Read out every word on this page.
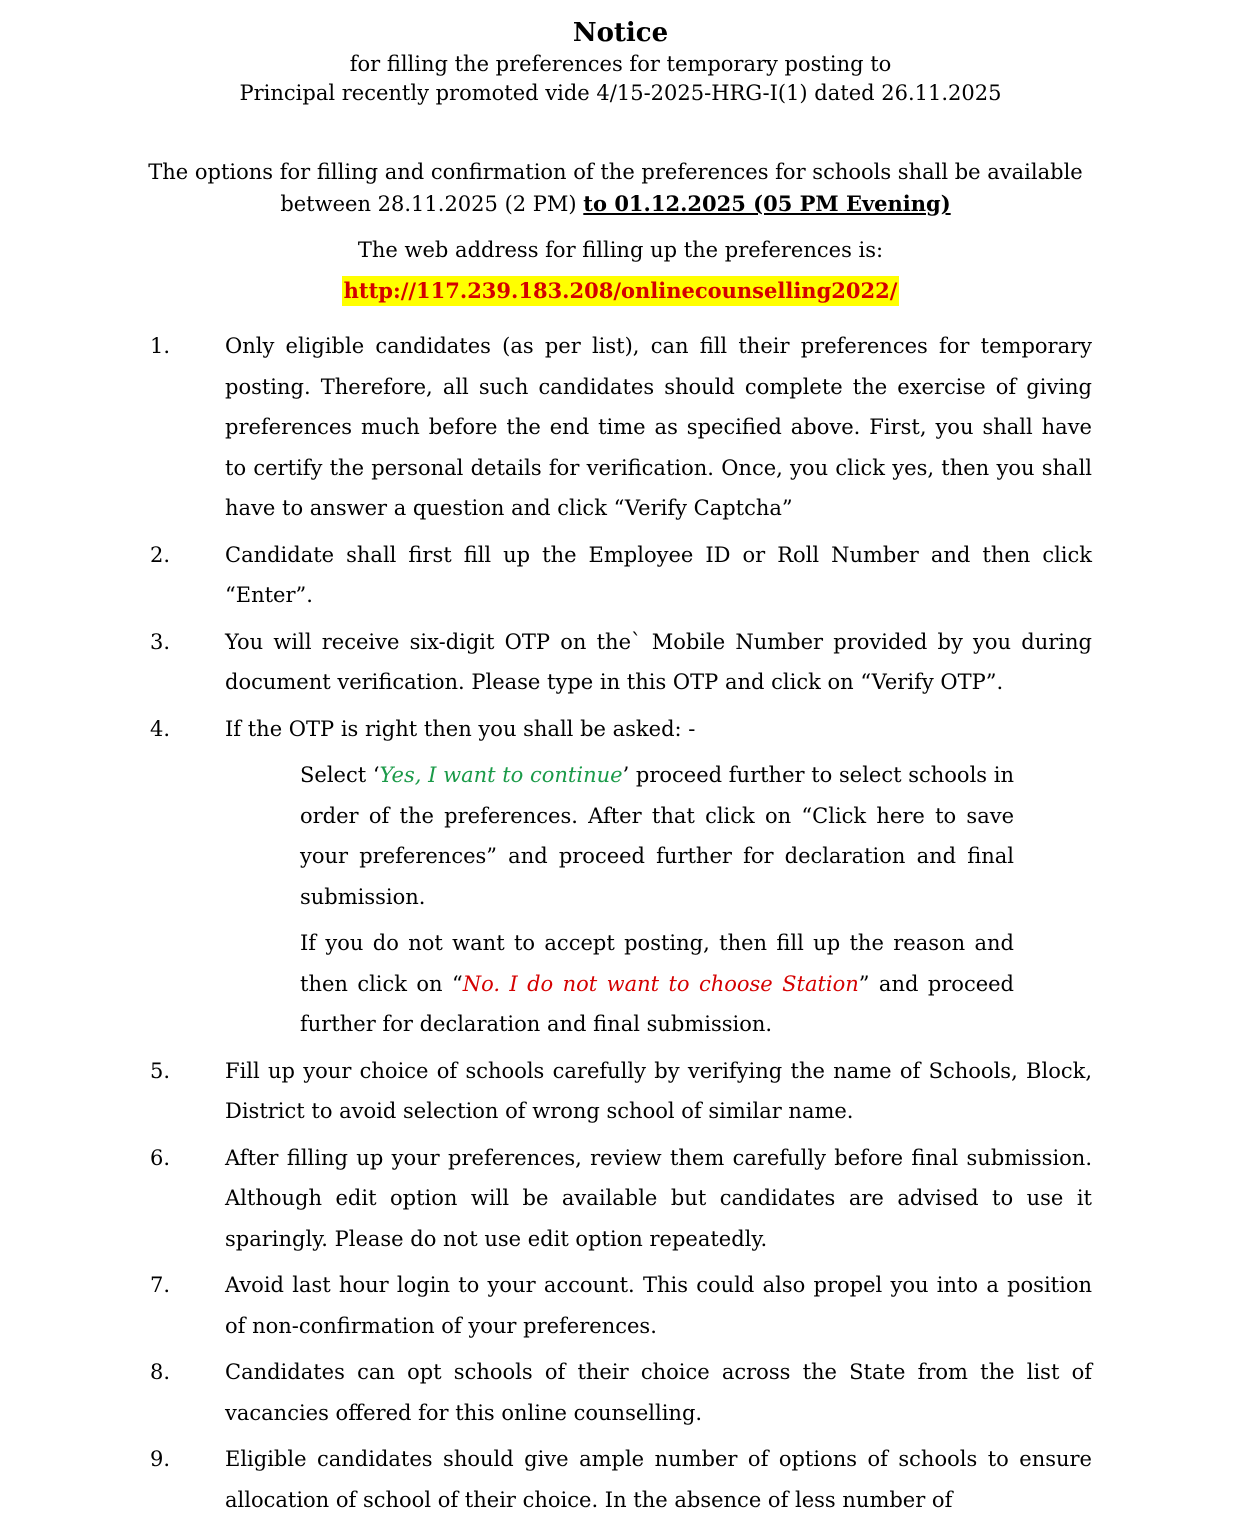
Notice
for filling the preferences for temporary posting to
Principal recently promoted vide 4/15-2025-HRG-I(1) dated 26.11.2025
The options for filling and confirmation of the preferences for schools shall be available between 28.11.2025 (2 PM) to 01.12.2025 (05 PM Evening)
The web address for filling up the preferences is:
http://117.239.183.208/onlinecounselling2022/
1.	Only eligible candidates (as per list), can fill their preferences for temporary posting. Therefore, all such candidates should complete the exercise of giving preferences much before the end time as specified above. First, you shall have to certify the personal details for verification. Once, you click yes, then you shall have to answer a question and click “Verify Captcha”
2.	Candidate shall first fill up the Employee ID or Roll Number and then click “Enter”.
3.	You will receive six-digit OTP on the` Mobile Number provided by you during document verification. Please type in this OTP and click on “Verify OTP”.
4.	If the OTP is right then you shall be asked: -
Select ‘Yes, I want to continue’ proceed further to select schools in order of the preferences. After that click on “Click here to save your preferences” and proceed further for declaration and final submission.
If you do not want to accept posting, then fill up the reason and then click on “No. I do not want to choose Station” and proceed further for declaration and final submission.
5.	Fill up your choice of schools carefully by verifying the name of Schools, Block, District to avoid selection of wrong school of similar name.
6.	After filling up your preferences, review them carefully before final submission. Although edit option will be available but candidates are advised to use it sparingly. Please do not use edit option repeatedly.
7.	Avoid last hour login to your account. This could also propel you into a position of non-confirmation of your preferences.
8.	Candidates can opt schools of their choice across the State from the list of vacancies offered for this online counselling.
9.	Eligible candidates should give ample number of options of schools to ensure allocation of school of their choice. In the absence of less number of
